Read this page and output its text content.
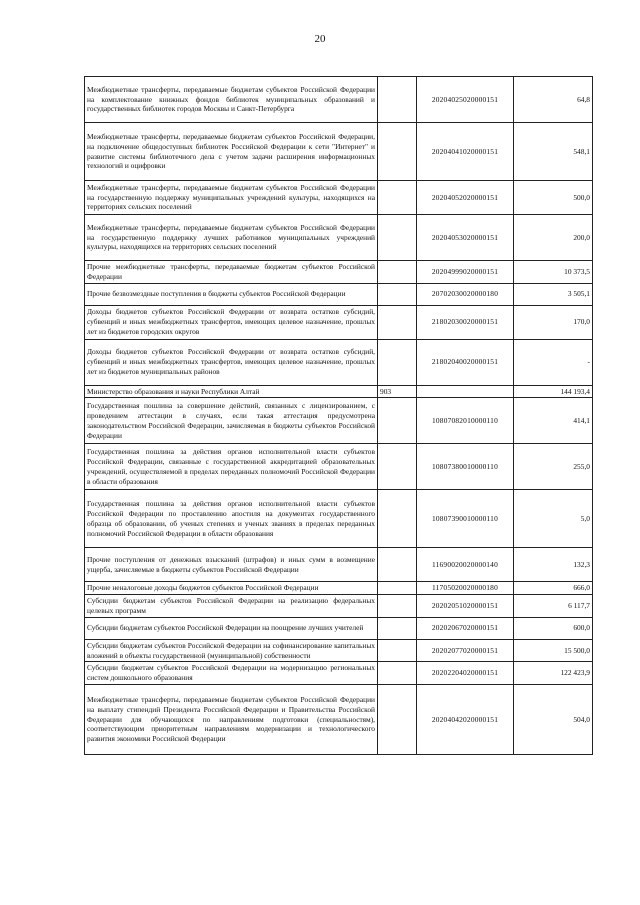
20
Межбюджетные трансферты, передаваемые бюджетам субъектов Российской Федерации на комплектование книжных фондов библиотек муниципальных образований и государственных библиотек городов Москвы и Санкт-Петербурга		20204025020000151	64,8
Межбюджетные трансферты, передаваемые бюджетам субъектов Российской Федерации, на подключение общедоступных библиотек Российской Федерации к сети "Интернет" и развитие системы библиотечного дела с учетом задачи расширения информационных технологий и оцифровки		20204041020000151	548,1
Межбюджетные трансферты, передаваемые бюджетам субъектов Российской Федерации на государственную поддержку муниципальных учреждений культуры, находящихся на территориях сельских поселений		20204052020000151	500,0
Межбюджетные трансферты, передаваемые бюджетам субъектов Российской Федерации на государственную поддержку лучших работников муниципальных учреждений культуры, находящихся на территориях сельских поселений		20204053020000151	200,0
Прочие межбюджетные трансферты, передаваемые бюджетам субъектов Российской Федерации		20204999020000151	10 373,5
Прочие безвозмездные поступления в бюджеты субъектов Российской Федерации		20702030020000180	3 505,1
Доходы бюджетов субъектов Российской Федерации от возврата остатков субсидий, субвенций и иных межбюджетных трансфертов, имеющих целевое назначение, прошлых лет из бюджетов городских округов		21802030020000151	170,0
Доходы бюджетов субъектов Российской Федерации от возврата остатков субсидий, субвенций и иных межбюджетных трансфертов, имеющих целевое назначение, прошлых лет из бюджетов муниципальных районов		21802040020000151	-
Министерство образования и науки Республики Алтай	903		144 193,4
Государственная пошлина за совершение действий, связанных с лицензированием, с проведением аттестации в случаях, если такая аттестация предусмотрена законодательством Российской Федерации, зачисляемая в бюджеты субъектов Российской Федерации		10807082010000110	414,1
Государственная пошлина за действия органов исполнительной власти субъектов Российской Федерации, связанные с государственной аккредитацией образовательных учреждений, осуществляемой в пределах переданных полномочий Российской Федерации в области образования		10807380010000110	255,0
Государственная пошлина за действия органов исполнительной власти субъектов Российской Федерации по проставлению апостиля на документах государственного образца об образовании, об ученых степенях и ученых званиях в пределах переданных полномочий Российской Федерации в области образования		10807390010000110	5,0
Прочие поступления от денежных взысканий (штрафов) и иных сумм в возмещение ущерба, зачисляемые в бюджеты субъектов Российской Федерации		11690020020000140	132,3
Прочие неналоговые доходы бюджетов субъектов Российской Федерации		11705020020000180	666,0
Субсидии бюджетам субъектов Российской Федерации на реализацию федеральных целевых программ		20202051020000151	6 117,7
Субсидии бюджетам субъектов Российской Федерации на поощрение лучших учителей		20202067020000151	600,0
Субсидии бюджетам субъектов Российской Федерации на софинансирование капитальных вложений в объекты государственной (муниципальной) собственности		20202077020000151	15 500,0
Субсидии бюджетам субъектов Российской Федерации на модернизацию региональных систем дошкольного образования		20202204020000151	122 423,9
Межбюджетные трансферты, передаваемые бюджетам субъектов Российской Федерации на выплату стипендий Президента Российской Федерации и Правительства Российской Федерации для обучающихся по направлениям подготовки (специальностям), соответствующим приоритетным направлениям модернизации и технологического развития экономики Российской Федерации		20204042020000151	504,0
